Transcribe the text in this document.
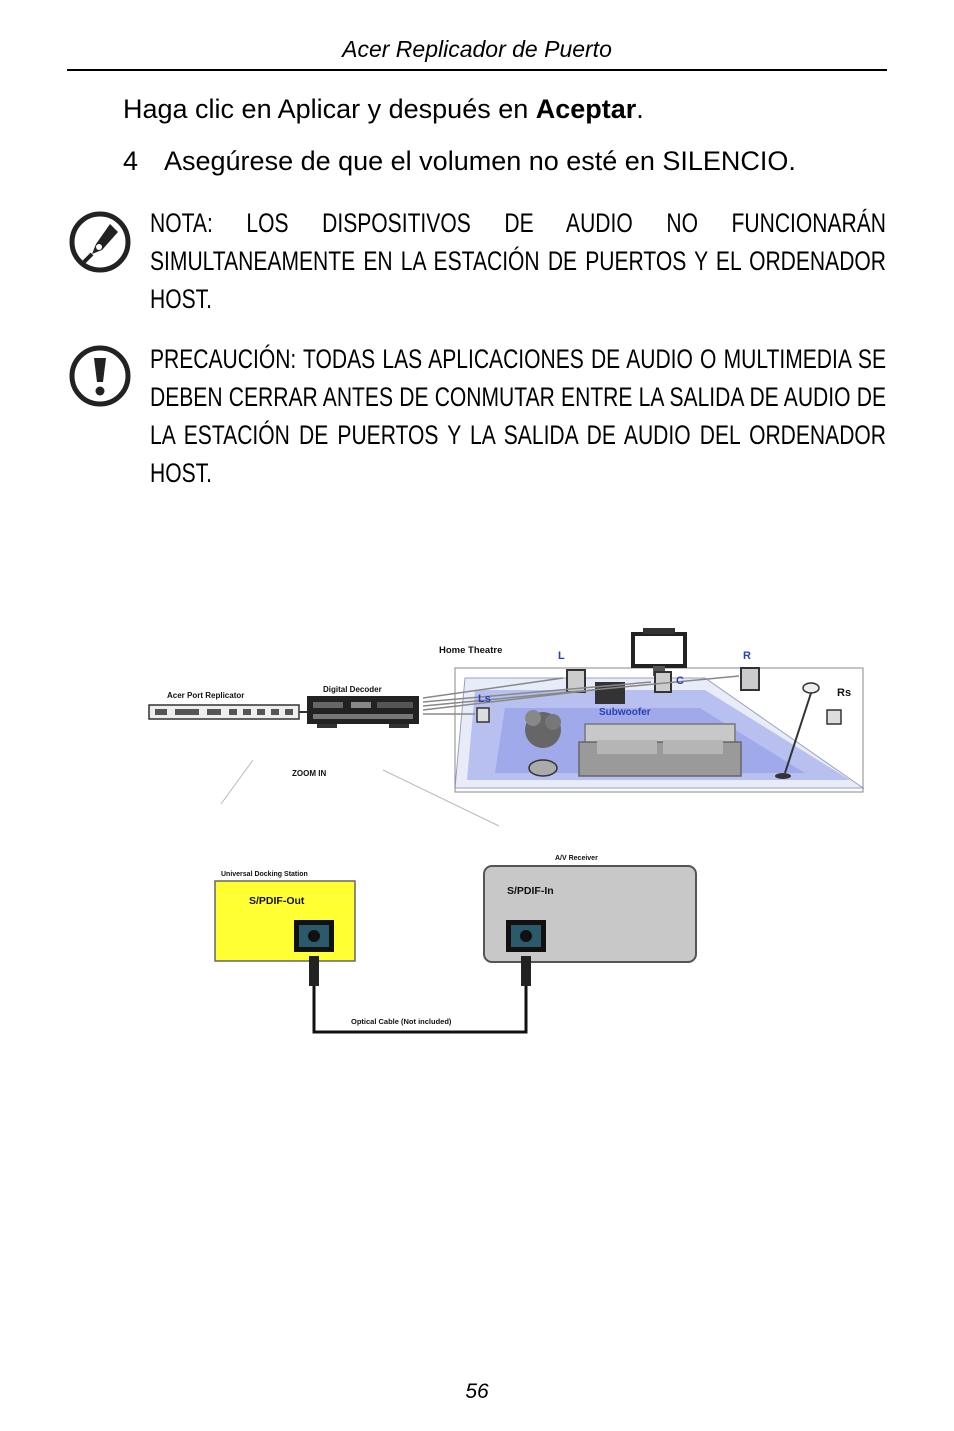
Acer Replicador de Puerto
Haga clic en Aplicar y después en Aceptar.
4 Asegúrese de que el volumen no esté en SILENCIO.
NOTA: LOS DISPOSITIVOS DE AUDIO NO FUNCIONARÁN SIMULTANEAMENTE EN LA ESTACIÓN DE PUERTOS Y EL ORDENADOR HOST.
PRECAUCIÓN: TODAS LAS APLICACIONES DE AUDIO O MULTIMEDIA SE DEBEN CERRAR ANTES DE CONMUTAR ENTRE LA SALIDA DE AUDIO DE LA ESTACIÓN DE PUERTOS Y LA SALIDA DE AUDIO DEL ORDENADOR HOST.
Home Theatre	L	R
C
Ls	Rs
Subwoofer
Acer Port Replicator
Digital Decoder
ZOOM IN
Universal Docking Station
S/PDIF-Out
A/V Receiver
S/PDIF-In
Optical Cable (Not included)
56
